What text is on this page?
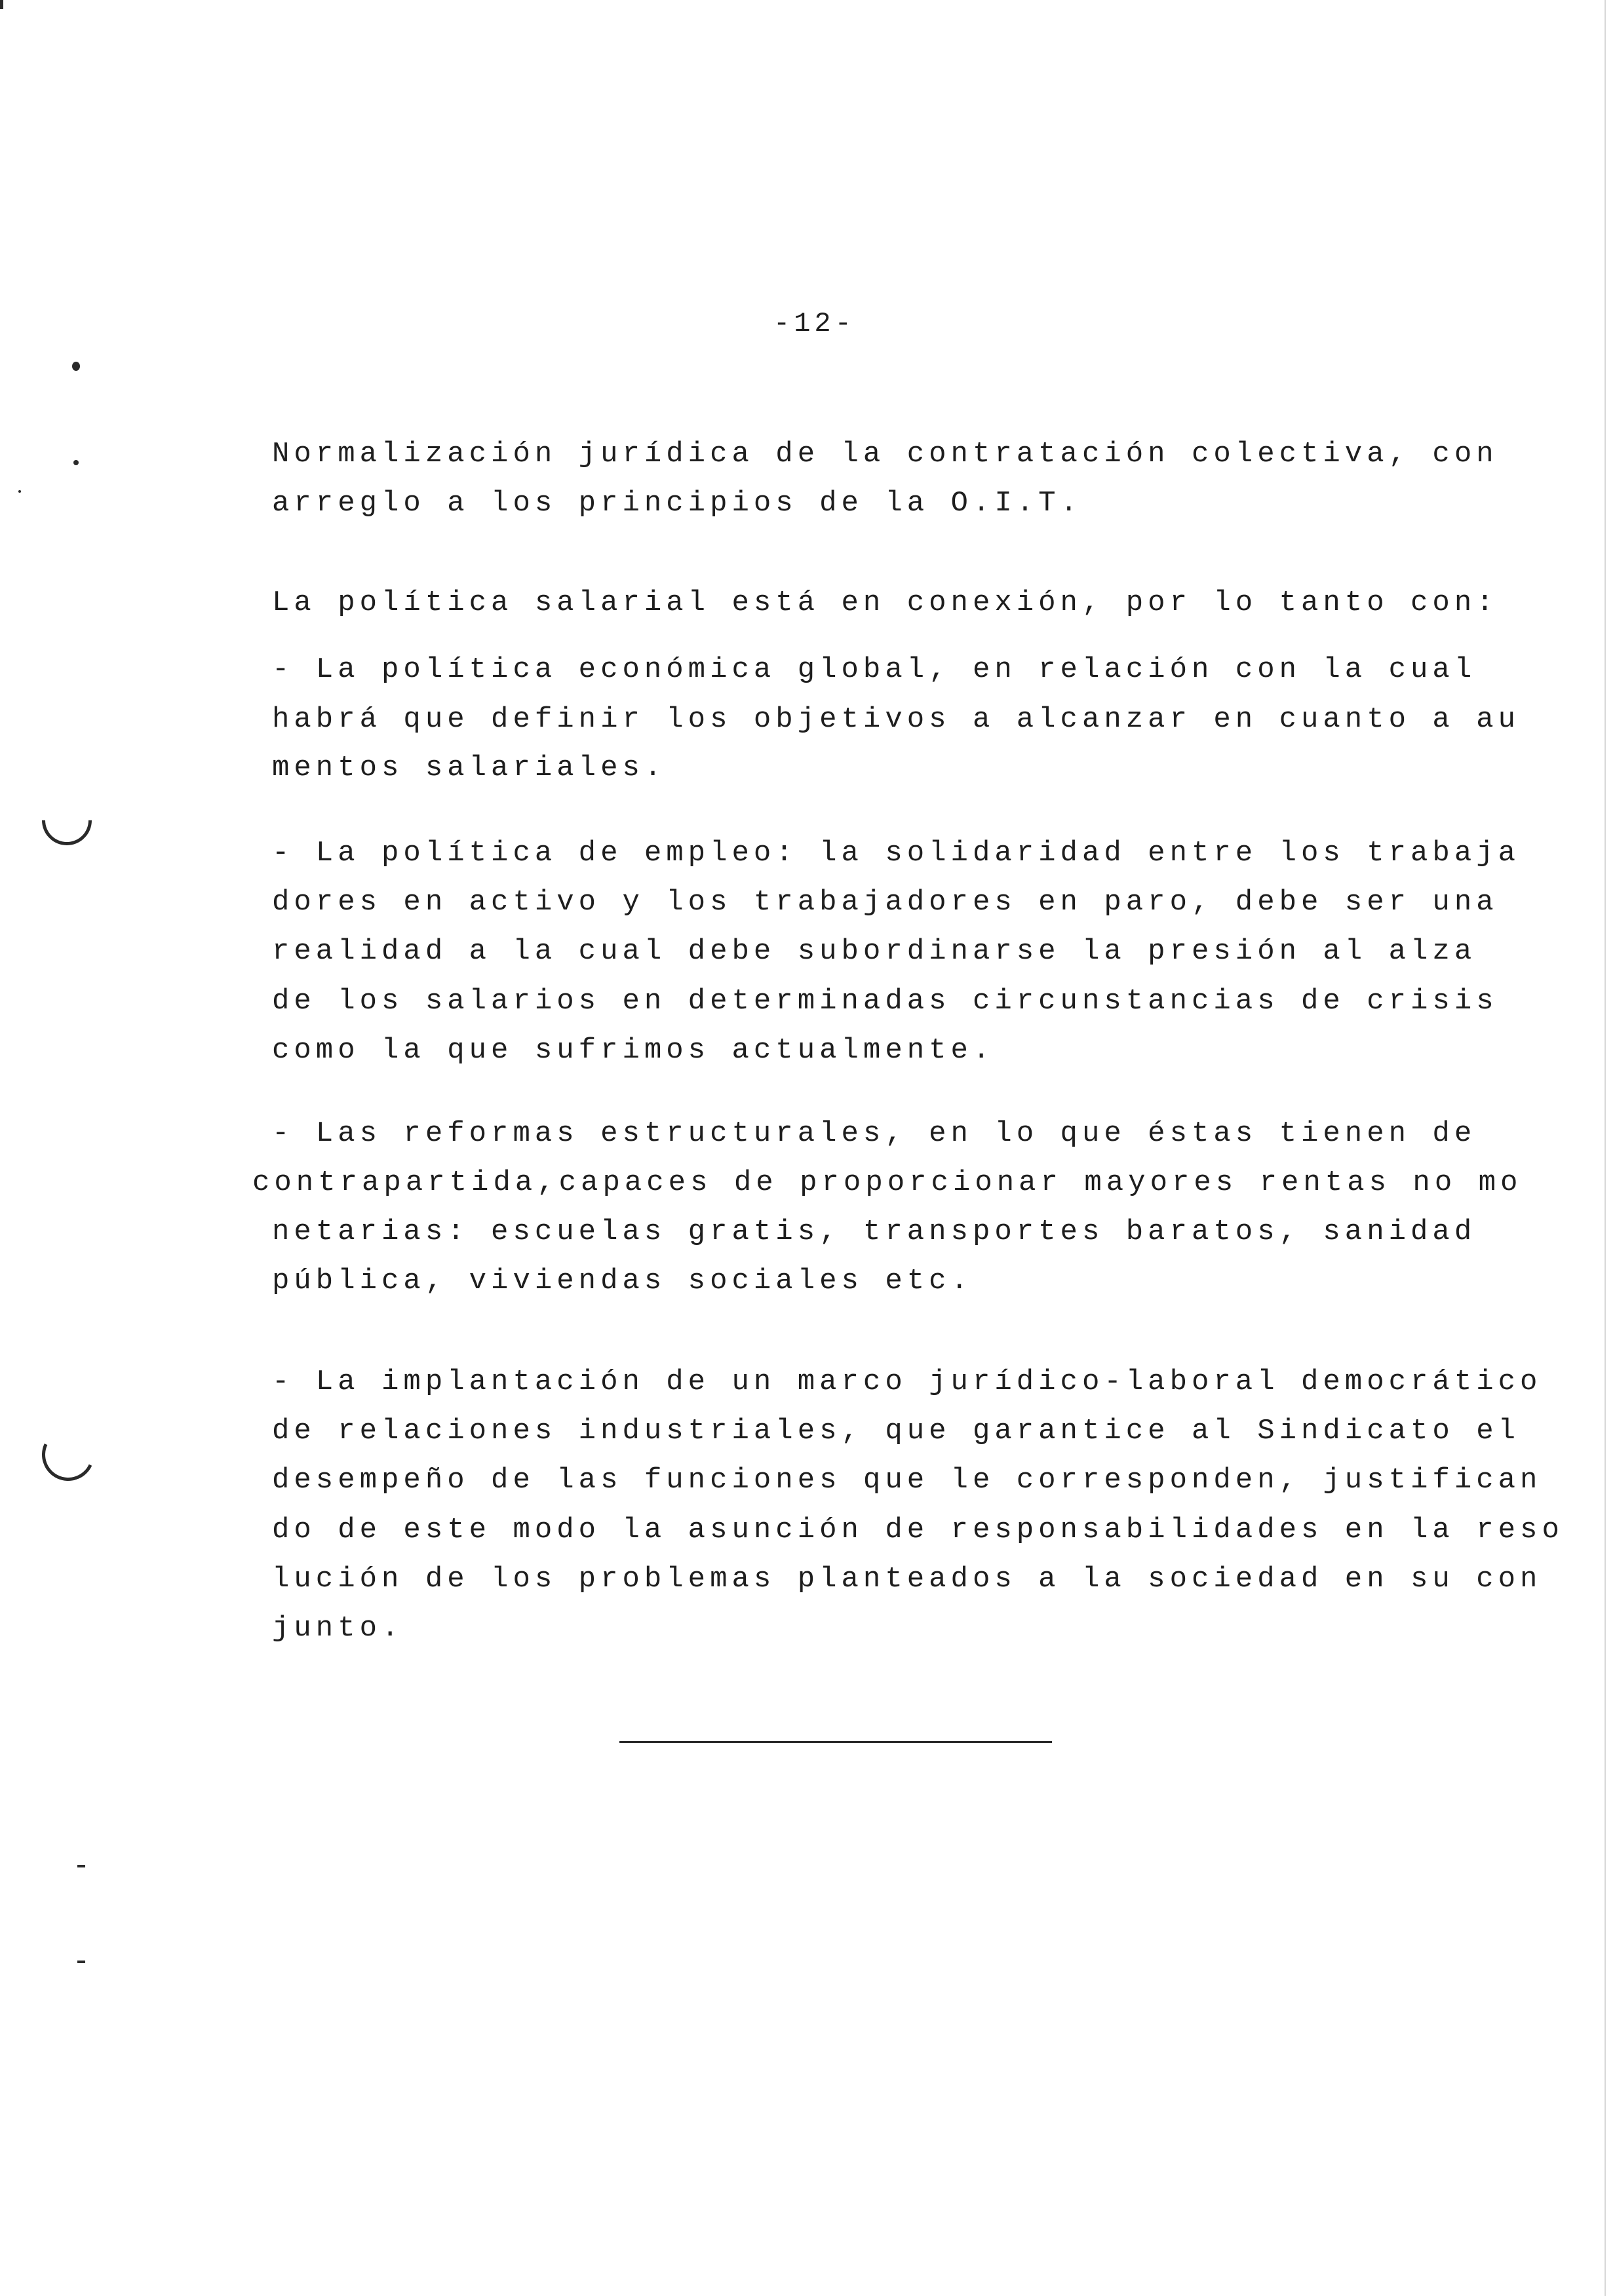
-12-
Normalización jurídica de la contratación colectiva, con
arreglo a los principios de la O.I.T.
La política salarial está en conexión, por lo tanto con:
- La política económica global, en relación con la cual
habrá que definir los objetivos a alcanzar en cuanto a au
mentos salariales.
- La política de empleo: la solidaridad entre los trabaja
dores en activo y los trabajadores en paro, debe ser una
realidad a la cual debe subordinarse la presión al alza
de los salarios en determinadas circunstancias de crisis
como la que sufrimos actualmente.
- Las reformas estructurales, en lo que éstas tienen de
contrapartida,capaces de proporcionar mayores rentas no mo
netarias: escuelas gratis, transportes baratos, sanidad
pública, viviendas sociales etc.
- La implantación de un marco jurídico-laboral democrático
de relaciones industriales, que garantice al Sindicato el
desempeño de las funciones que le corresponden, justifican
do de este modo la asunción de responsabilidades en la reso
lución de los problemas planteados a la sociedad en su con
junto.
